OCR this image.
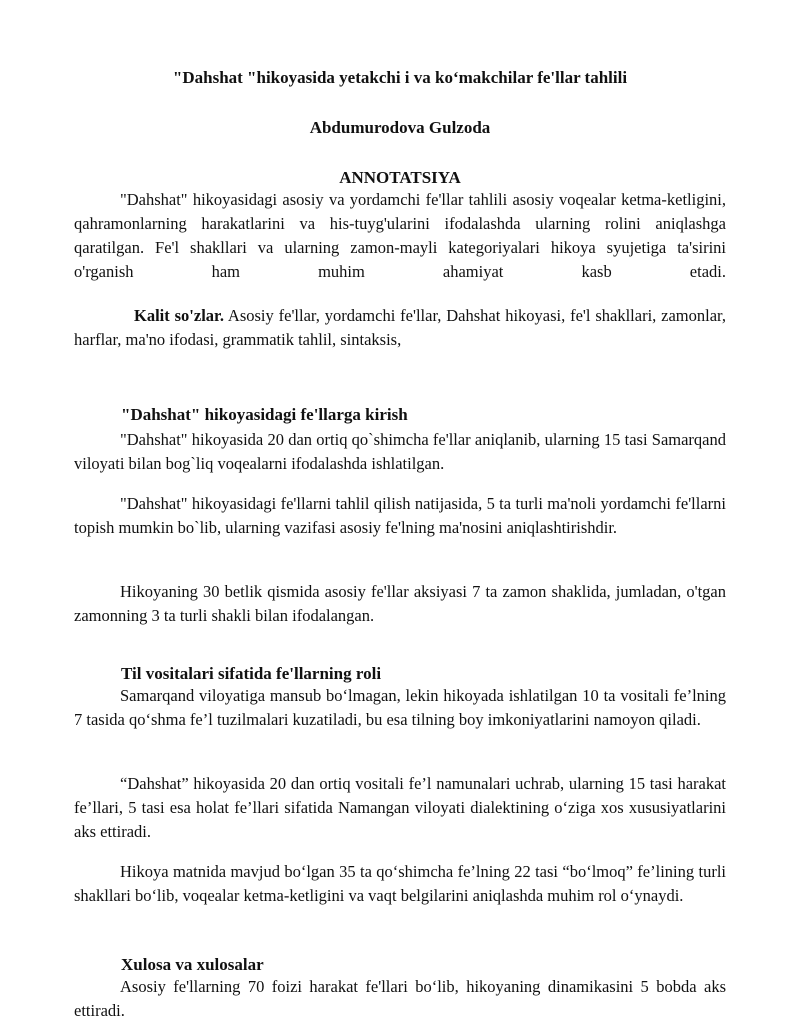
"Dahshat "hikoyasida yetakchi i va koʻmakchilar fe'llar tahlili
Abdumurodova Gulzoda
ANNOTATSIYA
"Dahshat" hikoyasidagi asosiy va yordamchi fe'llar tahlili asosiy voqealar ketma-ketligini, qahramonlarning harakatlarini va his-tuyg'ularini ifodalashda ularning rolini aniqlashga qaratilgan. Fe'l shakllari va ularning zamon-mayli kategoriyalari hikoya syujetiga ta'sirini o'rganish ham muhim ahamiyat kasb etadi.
Kalit so'zlar. Asosiy fe'llar, yordamchi fe'llar, Dahshat hikoyasi, fe'l shakllari, zamonlar, harflar, ma'no ifodasi, grammatik tahlil, sintaksis,
"Dahshat" hikoyasidagi fe'llarga kirish
"Dahshat" hikoyasida 20 dan ortiq qo`shimcha fe'llar aniqlanib, ularning 15 tasi Samarqand viloyati bilan bog`liq voqealarni ifodalashda ishlatilgan.
"Dahshat" hikoyasidagi fe'llarni tahlil qilish natijasida, 5 ta turli ma'noli yordamchi fe'llarni topish mumkin bo`lib, ularning vazifasi asosiy fe'lning ma'nosini aniqlashtirishdir.
Hikoyaning 30 betlik qismida asosiy fe'llar aksiyasi 7 ta zamon shaklida, jumladan, o'tgan zamonning 3 ta turli shakli bilan ifodalangan.
Til vositalari sifatida fe'llarning roli
Samarqand viloyatiga mansub boʻlmagan, lekin hikoyada ishlatilgan 10 ta vositali fe’lning 7 tasida qoʻshma fe’l tuzilmalari kuzatiladi, bu esa tilning boy imkoniyatlarini namoyon qiladi.
“Dahshat” hikoyasida 20 dan ortiq vositali fe’l namunalari uchrab, ularning 15 tasi harakat fe’llari, 5 tasi esa holat fe’llari sifatida Namangan viloyati dialektining oʻziga xos xususiyatlarini aks ettiradi.
Hikoya matnida mavjud boʻlgan 35 ta qoʻshimcha fe’lning 22 tasi “boʻlmoq” fe’lining turli shakllari boʻlib, voqealar ketma-ketligini va vaqt belgilarini aniqlashda muhim rol oʻynaydi.
Xulosa va xulosalar
Asosiy fe'llarning 70 foizi harakat fe'llari boʻlib, hikoyaning dinamikasini 5 bobda aks ettiradi.
